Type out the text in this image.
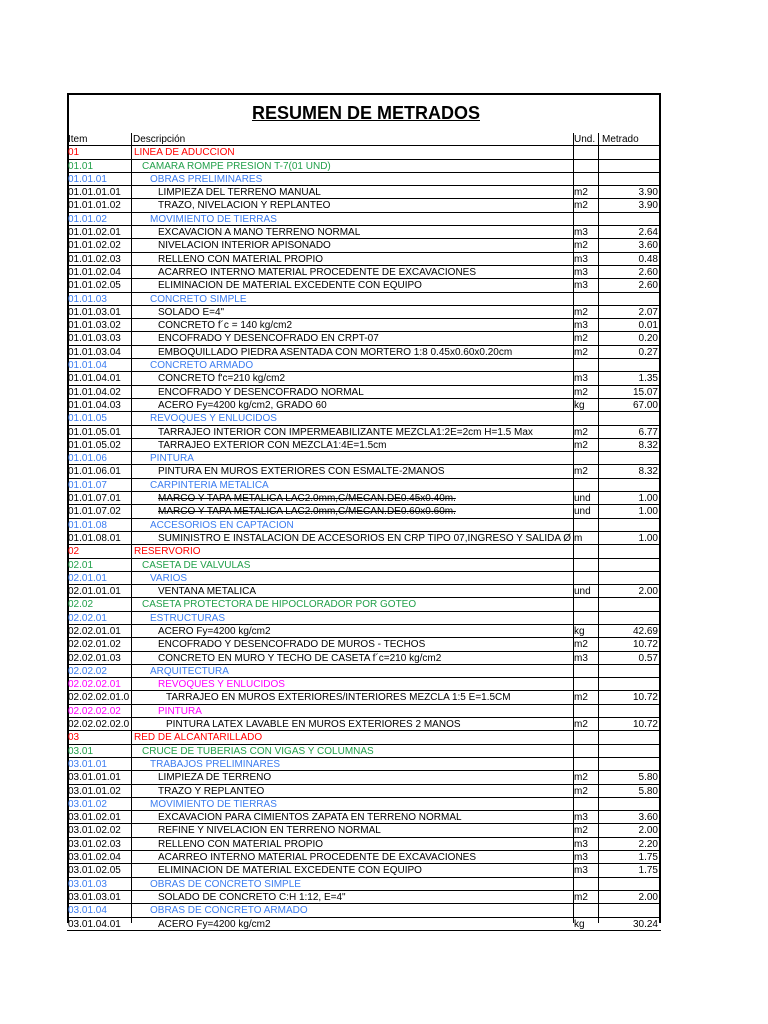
RESUMEN DE METRADOS
Item	Descripción	Und. Metrado
01	LINEA DE ADUCCION
01.01	CAMARA ROMPE PRESION T-7(01 UND)
01.01.01	OBRAS PRELIMINARES
01.01.01.01	LIMPIEZA DEL TERRENO MANUAL	m2	3.90
01.01.01.02	TRAZO, NIVELACION Y REPLANTEO	m2	3.90
01.01.02	MOVIMIENTO DE TIERRAS
01.01.02.01	EXCAVACION A MANO TERRENO NORMAL	m3	2.64
01.01.02.02	NIVELACION INTERIOR APISONADO	m2	3.60
01.01.02.03	RELLENO CON MATERIAL PROPIO	m3	0.48
01.01.02.04	ACARREO INTERNO MATERIAL PROCEDENTE DE EXCAVACIONES	m3	2.60
01.01.02.05	ELIMINACION DE MATERIAL EXCEDENTE CON EQUIPO	m3	2.60
01.01.03	CONCRETO SIMPLE
01.01.03.01	SOLADO E=4"	m2	2.07
01.01.03.02	CONCRETO f´c = 140 kg/cm2	m3	0.01
01.01.03.03	ENCOFRADO Y DESENCOFRADO EN CRPT-07	m2	0.20
01.01.03.04	EMBOQUILLADO PIEDRA ASENTADA CON MORTERO 1:8 0.45x0.60x0.20cm	m2	0.27
01.01.04	CONCRETO ARMADO
01.01.04.01	CONCRETO f'c=210 kg/cm2	m3	1.35
01.01.04.02	ENCOFRADO Y DESENCOFRADO NORMAL	m2	15.07
01.01.04.03	ACERO Fy=4200 kg/cm2, GRADO 60	kg	67.00
01.01.05	REVOQUES Y ENLUCIDOS
01.01.05.01	TARRAJEO INTERIOR CON IMPERMEABILIZANTE MEZCLA1:2E=2cm H=1.5 Max	m2	6.77
01.01.05.02	TARRAJEO EXTERIOR CON MEZCLA1:4E=1.5cm	m2	8.32
01.01.06	PINTURA
01.01.06.01	PINTURA EN MUROS EXTERIORES CON ESMALTE-2MANOS	m2	8.32
01.01.07	CARPINTERIA METALICA
01.01.07.01	MARCO Y TAPA METALICA LAC2.0mm,C/MECAN.DE0.45x0.40m.	und	1.00
01.01.07.02	MARCO Y TAPA METALICA LAC2.0mm,C/MECAN.DE0.60x0.60m.	und	1.00
01.01.08	ACCESORIOS EN CAPTACION
01.01.08.01	SUMINISTRO E INSTALACION DE ACCESORIOS EN CRP TIPO 07,INGRESO Y SALIDA Ø m	1.00
02	RESERVORIO
02.01	CASETA DE VALVULAS
02.01.01	VARIOS
02.01.01.01	VENTANA METALICA	und	2.00
02.02	CASETA PROTECTORA DE HIPOCLORADOR POR GOTEO
02.02.01	ESTRUCTURAS
02.02.01.01	ACERO Fy=4200 kg/cm2	kg	42.69
02.02.01.02	ENCOFRADO Y DESENCOFRADO DE MUROS - TECHOS	m2	10.72
02.02.01.03	CONCRETO EN MURO Y TECHO DE CASETA f´c=210 kg/cm2	m3	0.57
02.02.02	ARQUITECTURA
02.02.02.01	REVOQUES Y ENLUCIDOS
02.02.02.01.0	TARRAJEO EN MUROS EXTERIORES/INTERIORES MEZCLA 1:5 E=1.5CM	m2	10.72
02.02.02.02	PINTURA
02.02.02.02.0	PINTURA LATEX LAVABLE EN MUROS EXTERIORES 2 MANOS	m2	10.72
03	RED DE ALCANTARILLADO
03.01	CRUCE DE TUBERIAS CON VIGAS Y COLUMNAS
03.01.01	TRABAJOS PRELIMINARES
03.01.01.01	LIMPIEZA DE TERRENO	m2	5.80
03.01.01.02	TRAZO Y REPLANTEO	m2	5.80
03.01.02	MOVIMIENTO DE TIERRAS
03.01.02.01	EXCAVACION PARA CIMIENTOS ZAPATA EN TERRENO NORMAL	m3	3.60
03.01.02.02	REFINE Y NIVELACION EN TERRENO NORMAL	m2	2.00
03.01.02.03	RELLENO CON MATERIAL PROPIO	m3	2.20
03.01.02.04	ACARREO INTERNO MATERIAL PROCEDENTE DE EXCAVACIONES	m3	1.75
03.01.02.05	ELIMINACION DE MATERIAL EXCEDENTE CON EQUIPO	m3	1.75
03.01.03	OBRAS DE CONCRETO SIMPLE
03.01.03.01	SOLADO DE CONCRETO C:H 1:12, E=4"	m2	2.00
03.01.04	OBRAS DE CONCRETO ARMADO
03.01.04.01	ACERO Fy=4200 kg/cm2	kg	30.24
